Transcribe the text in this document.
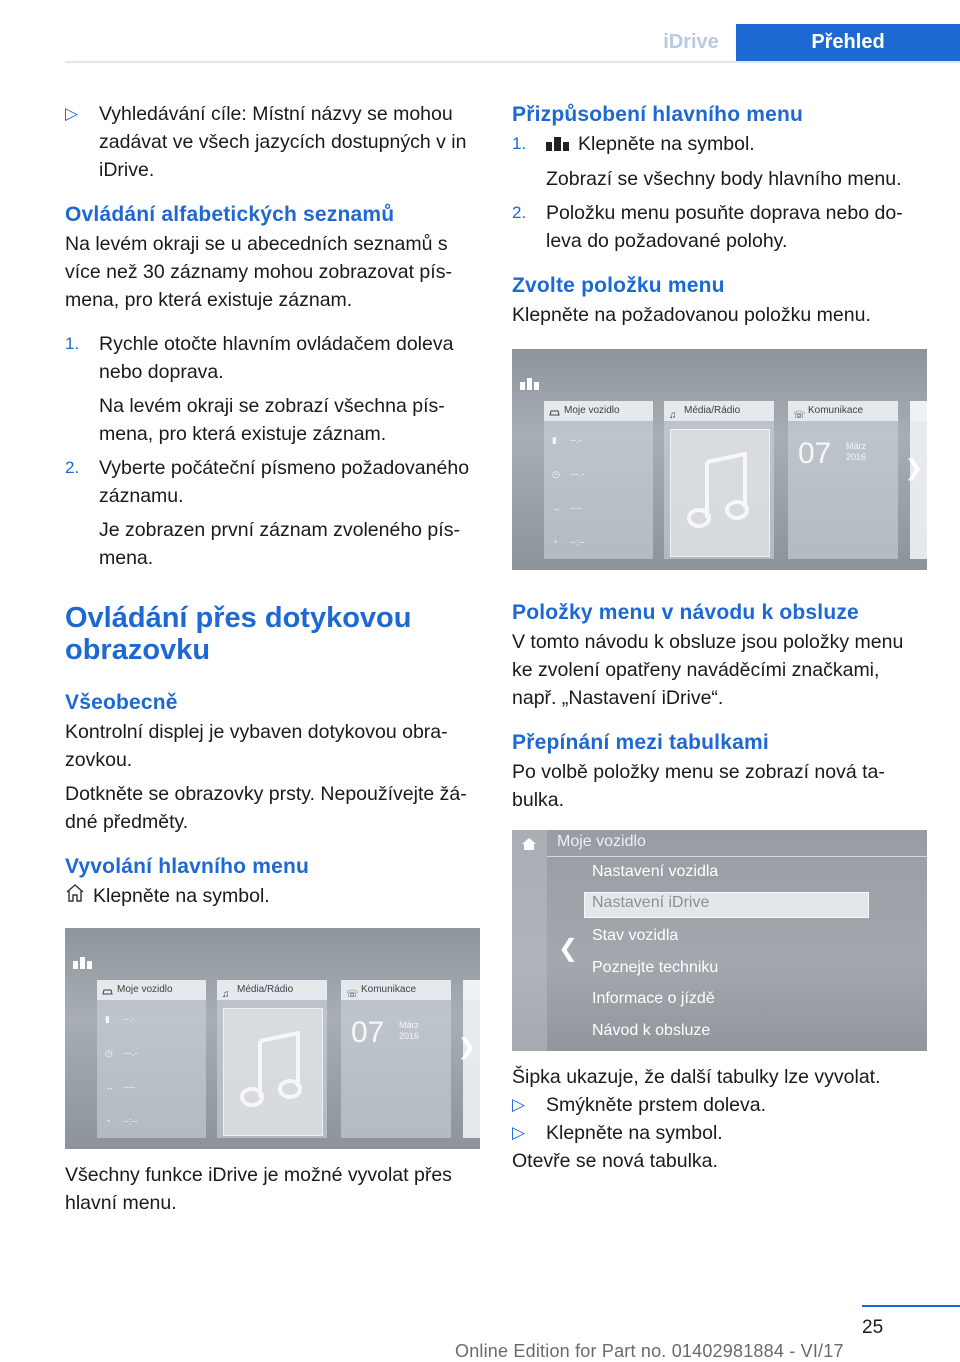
iDrive	Přehled
▷	Vyhledávání cíle: Místní názvy se mohou zadávat ve všech jazycích dostupných v in iDrive.

Ovládání alfabetických seznamů

Na levém okraji se u abecedních seznamů s více než 30 záznamy mohou zobrazovat pís‐mena, pro která existuje záznam.

1.	Rychle otočte hlavním ovládačem doleva nebo doprava.

Na levém okraji se zobrazí všechna pís‐mena, pro která existuje záznam.

2.	Vyberte počáteční písmeno požadovaného záznamu.

Je zobrazen první záznam zvoleného pís‐mena.

Ovládání přes dotykovou obrazovku
Všeobecně

Kontrolní displej je vybaven dotykovou obra‐zovkou.

Dotkněte se obrazovky prsty. Nepoužívejte žá‐dné předměty.

Vyvolání hlavního menu

Klepněte na symbol.

Moje vozidlo
▮ --.-
◷ ---.-
↔ ----
◔ --:--
♫ Média/Rádio	☏ Komunikace
07 März
2016 ❯

Všechny funkce iDrive je možné vyvolat přes hlavní menu.

Přizpůsobení hlavního menu
1.	Klepněte na symbol.

Zobrazí se všechny body hlavního menu.

2.	Položku menu posuňte doprava nebo do‐leva do požadované polohy.

Zvolte položku menu

Klepněte na požadovanou položku menu.

Moje vozidlo
▮ --.-
◷ ---.-
↔ ----
◔ --:--
♫ Média/Rádio	☏ Komunikace
07 März
2016 ❯
Položky menu v návodu k obsluze

V tomto návodu k obsluze jsou položky menu ke zvolení opatřeny naváděcími značkami, např. „Nastavení iDrive“.

Přepínání mezi tabulkami

Po volbě položky menu se zobrazí nová ta‐bulka.

Moje vozidlo
Nastavení vozidla
Nastavení iDrive
Stav vozidla
Poznejte techniku
Informace o jízdě
Návod k obsluze
❮

Šipka ukazuje, že další tabulky lze vyvolat.

▷	Smýkněte prstem doleva.

▷	Klepněte na symbol.

Otevře se nová tabulka.

25
Online Edition for Part no. 01402981884 - VI/17
